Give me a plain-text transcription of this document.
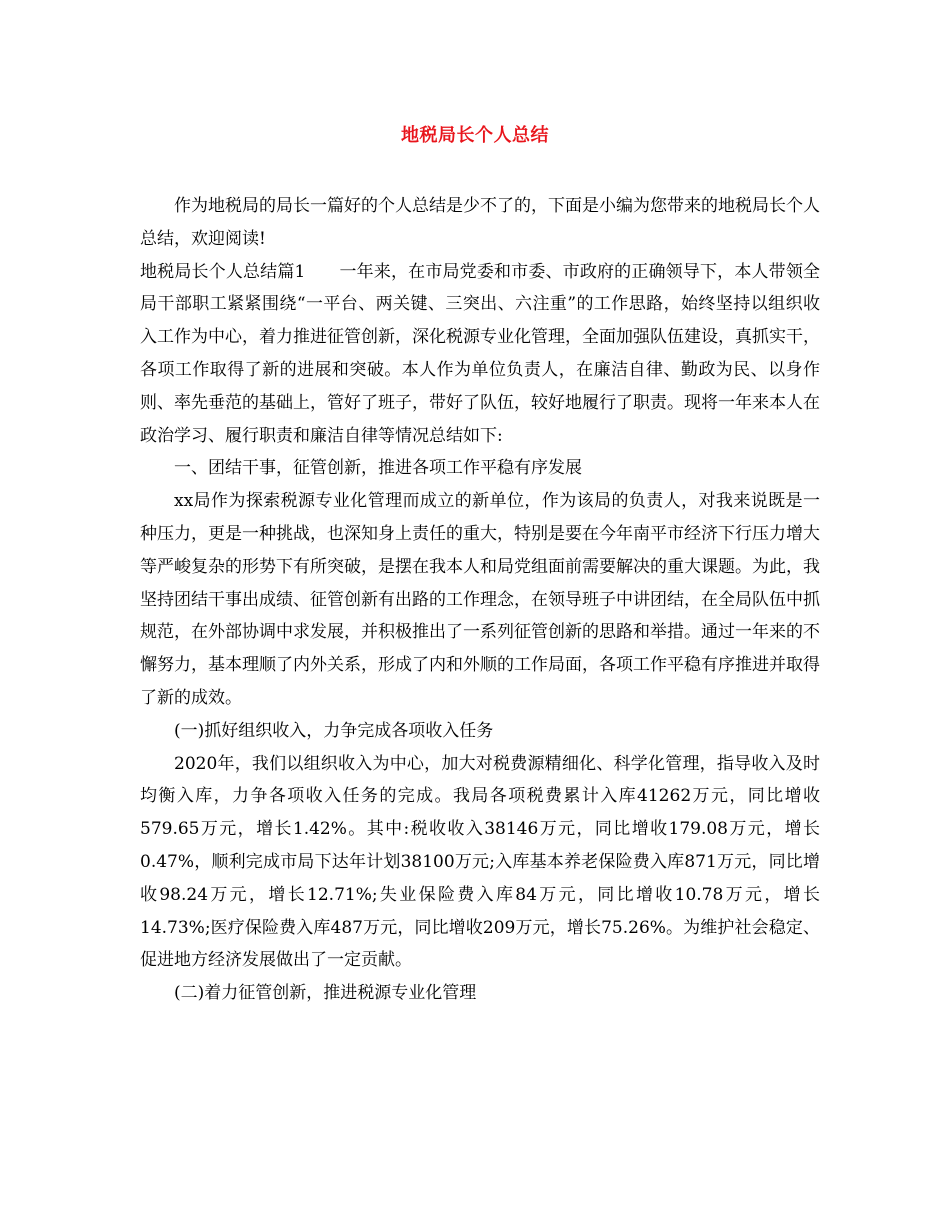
地税局长个人总结

作为地税局的局长一篇好的个人总结是少不了的，下面是小编为您带来的地税局长个人总结，欢迎阅读!

地税局长个人总结篇1 一年来，在市局党委和市委、市政府的正确领导下，本人带领全局干部职工紧紧围绕“一平台、两关键、三突出、六注重”的工作思路，始终坚持以组织收入工作为中心，着力推进征管创新，深化税源专业化管理，全面加强队伍建设，真抓实干，各项工作取得了新的进展和突破。本人作为单位负责人，在廉洁自律、勤政为民、以身作则、率先垂范的基础上，管好了班子，带好了队伍，较好地履行了职责。现将一年来本人在政治学习、履行职责和廉洁自律等情况总结如下:

一、团结干事，征管创新，推进各项工作平稳有序发展

xx局作为探索税源专业化管理而成立的新单位，作为该局的负责人，对我来说既是一种压力，更是一种挑战，也深知身上责任的重大，特别是要在今年南平市经济下行压力增大等严峻复杂的形势下有所突破，是摆在我本人和局党组面前需要解决的重大课题。为此，我坚持团结干事出成绩、征管创新有出路的工作理念，在领导班子中讲团结，在全局队伍中抓规范，在外部协调中求发展，并积极推出了一系列征管创新的思路和举措。通过一年来的不懈努力，基本理顺了内外关系，形成了内和外顺的工作局面，各项工作平稳有序推进并取得了新的成效。

(一)抓好组织收入，力争完成各项收入任务

2020年，我们以组织收入为中心，加大对税费源精细化、科学化管理，指导收入及时均衡入库，力争各项收入任务的完成。我局各项税费累计入库41262万元，同比增收579.65万元，增长1.42%。其中:税收收入38146万元，同比增收179.08万元，增长0.47%，顺利完成市局下达年计划38100万元;入库基本养老保险费入库871万元，同比增收98.24万元，增长12.71%;失业保险费入库84万元，同比增收10.78万元，增长14.73%;医疗保险费入库487万元，同比增收209万元，增长75.26%。为维护社会稳定、促进地方经济发展做出了一定贡献。

(二)着力征管创新，推进税源专业化管理
